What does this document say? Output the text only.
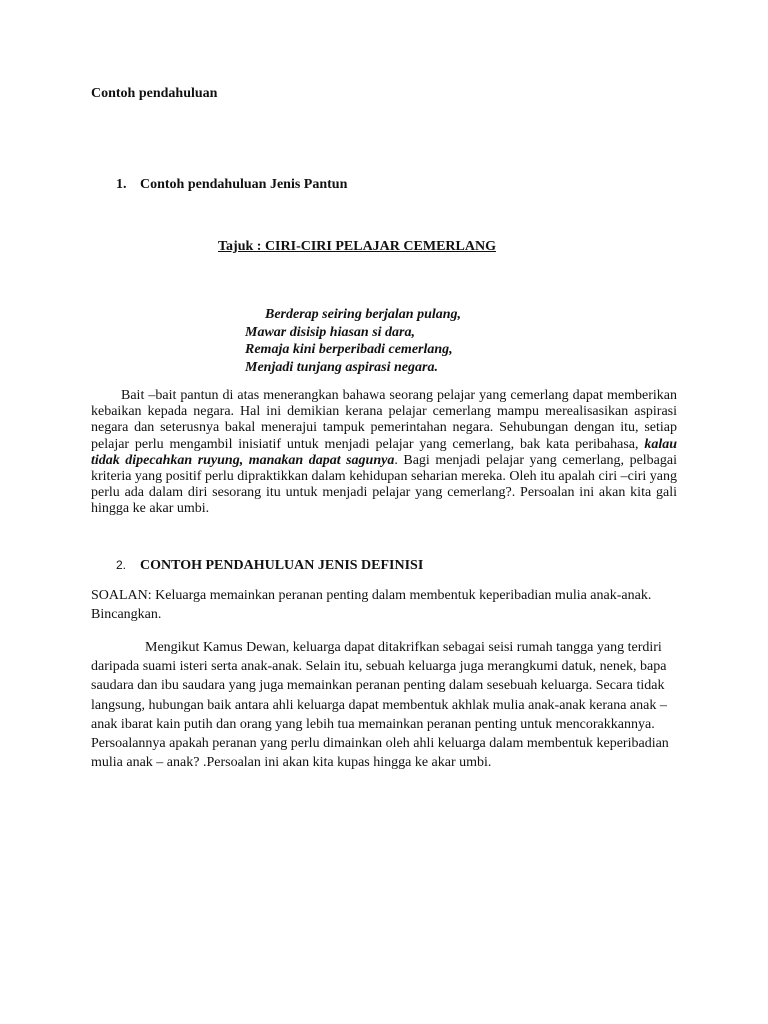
Contoh pendahuluan

1. Contoh pendahuluan Jenis Pantun

Tajuk : CIRI-CIRI PELAJAR CEMERLANG

Berderap seiring berjalan pulang,
Mawar disisip hiasan si dara,
Remaja kini berperibadi cemerlang,
Menjadi tunjang aspirasi negara.

Bait –bait pantun di atas menerangkan bahawa seorang pelajar yang cemerlang dapat memberikan kebaikan kepada negara. Hal ini demikian kerana pelajar cemerlang mampu merealisasikan aspirasi negara dan seterusnya bakal menerajui tampuk pemerintahan negara. Sehubungan dengan itu, setiap pelajar perlu mengambil inisiatif untuk menjadi pelajar yang cemerlang, bak kata peribahasa, kalau tidak dipecahkan ruyung, manakan dapat sagunya. Bagi menjadi pelajar yang cemerlang, pelbagai kriteria yang positif perlu dipraktikkan dalam kehidupan seharian mereka. Oleh itu apalah ciri –ciri yang perlu ada dalam diri sesorang itu untuk menjadi pelajar yang cemerlang?. Persoalan ini akan kita gali hingga ke akar umbi.

2. CONTOH PENDAHULUAN JENIS DEFINISI

SOALAN: Keluarga memainkan peranan penting dalam membentuk keperibadian mulia anak-anak. Bincangkan.

Mengikut Kamus Dewan, keluarga dapat ditakrifkan sebagai seisi rumah tangga yang terdiri daripada suami isteri serta anak-anak. Selain itu, sebuah keluarga juga merangkumi datuk, nenek, bapa saudara dan ibu saudara yang juga memainkan peranan penting dalam sesebuah keluarga. Secara tidak langsung, hubungan baik antara ahli keluarga dapat membentuk akhlak mulia anak-anak kerana anak –anak ibarat kain putih dan orang yang lebih tua memainkan peranan penting untuk mencorakkannya. Persoalannya apakah peranan yang perlu dimainkan oleh ahli keluarga dalam membentuk keperibadian mulia anak – anak? .Persoalan ini akan kita kupas hingga ke akar umbi.
